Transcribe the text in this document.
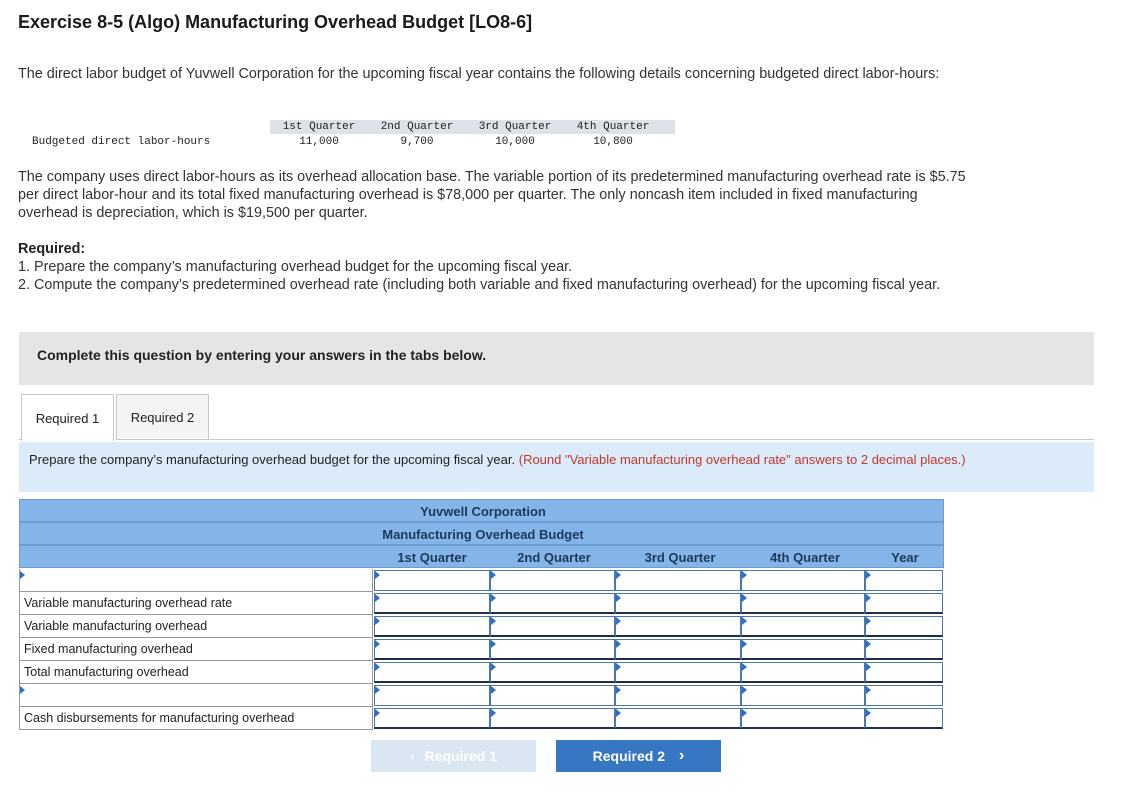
Exercise 8-5 (Algo) Manufacturing Overhead Budget [LO8-6]
The direct labor budget of Yuvwell Corporation for the upcoming fiscal year contains the following details concerning budgeted direct labor-hours:
1st Quarter	2nd Quarter	3rd Quarter	4th Quarter
Budgeted direct labor-hours	11,000	9,700	10,000	10,800
The company uses direct labor-hours as its overhead allocation base. The variable portion of its predetermined manufacturing overhead rate is $5.75 per direct labor-hour and its total fixed manufacturing overhead is $78,000 per quarter. The only noncash item included in fixed manufacturing overhead is depreciation, which is $19,500 per quarter.
Required:
1. Prepare the company’s manufacturing overhead budget for the upcoming fiscal year.
2. Compute the company’s predetermined overhead rate (including both variable and fixed manufacturing overhead) for the upcoming fiscal year.
Complete this question by entering your answers in the tabs below.
Required 1	Required 2
Prepare the company’s manufacturing overhead budget for the upcoming fiscal year. (Round "Variable manufacturing overhead rate" answers to 2 decimal places.)
Yuvwell Corporation
Manufacturing Overhead Budget
1st Quarter	2nd Quarter	3rd Quarter	4th Quarter	Year
Variable manufacturing overhead rate
Variable manufacturing overhead
Fixed manufacturing overhead
Total manufacturing overhead
Cash disbursements for manufacturing overhead
‹ Required 1	Required 2 ›
